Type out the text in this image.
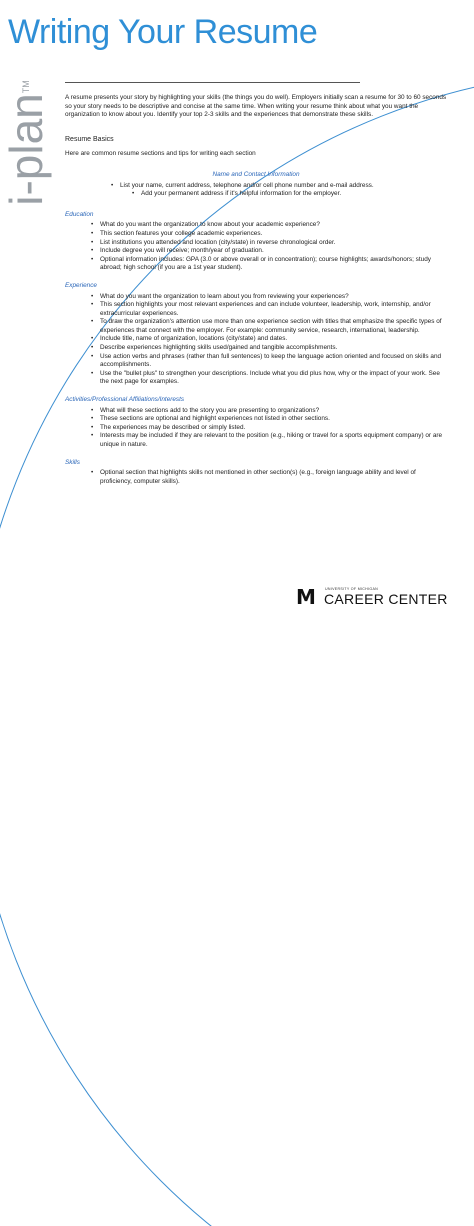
Writing Your Resume
i-plan™

A resume presents your story by highlighting your skills (the things you do well). Employers initially scan a resume for 30 to 60 seconds so your story needs to be descriptive and concise at the same time. When writing your resume think about what you want the organization to know about you. Identify your top 2-3 skills and the experiences that demonstrate these skills.

Resume Basics

Here are common resume sections and tips for writing each section

Name and Contact Information
• List your name, current address, telephone and/or cell phone number and e-mail address.
• Add your permanent address if it's helpful information for the employer.
Education
• What do you want the organization to know about your academic experience?
• This section features your college academic experiences.
• List institutions you attended and location (city/state) in reverse chronological order.
• Include degree you will receive; month/year of graduation.
• Optional information includes: GPA (3.0 or above overall or in concentration); course highlights; awards/honors; study abroad; high school (if you are a 1st year student).
Experience
• What do you want the organization to learn about you from reviewing your experiences?
• This section highlights your most relevant experiences and can include volunteer, leadership, work, internship, and/or extracurricular experiences.
• To draw the organization's attention use more than one experience section with titles that emphasize the specific types of experiences that connect with the employer. For example: community service, research, international, leadership.
• Include title, name of organization, locations (city/state) and dates.
• Describe experiences highlighting skills used/gained and tangible accomplishments.
• Use action verbs and phrases (rather than full sentences) to keep the language action oriented and focused on skills and accomplishments.
• Use the "bullet plus" to strengthen your descriptions. Include what you did plus how, why or the impact of your work. See the next page for examples.
Activities/Professional Affiliations/Interests
• What will these sections add to the story you are presenting to organizations?
• These sections are optional and highlight experiences not listed in other sections.
• The experiences may be described or simply listed.
• Interests may be included if they are relevant to the position (e.g., hiking or travel for a sports equipment company) or are unique in nature.
Skills
• Optional section that highlights skills not mentioned in other section(s) (e.g., foreign language ability and level of proficiency, computer skills).
M	UNIVERSITY OF MICHIGAN
CAREER CENTER
